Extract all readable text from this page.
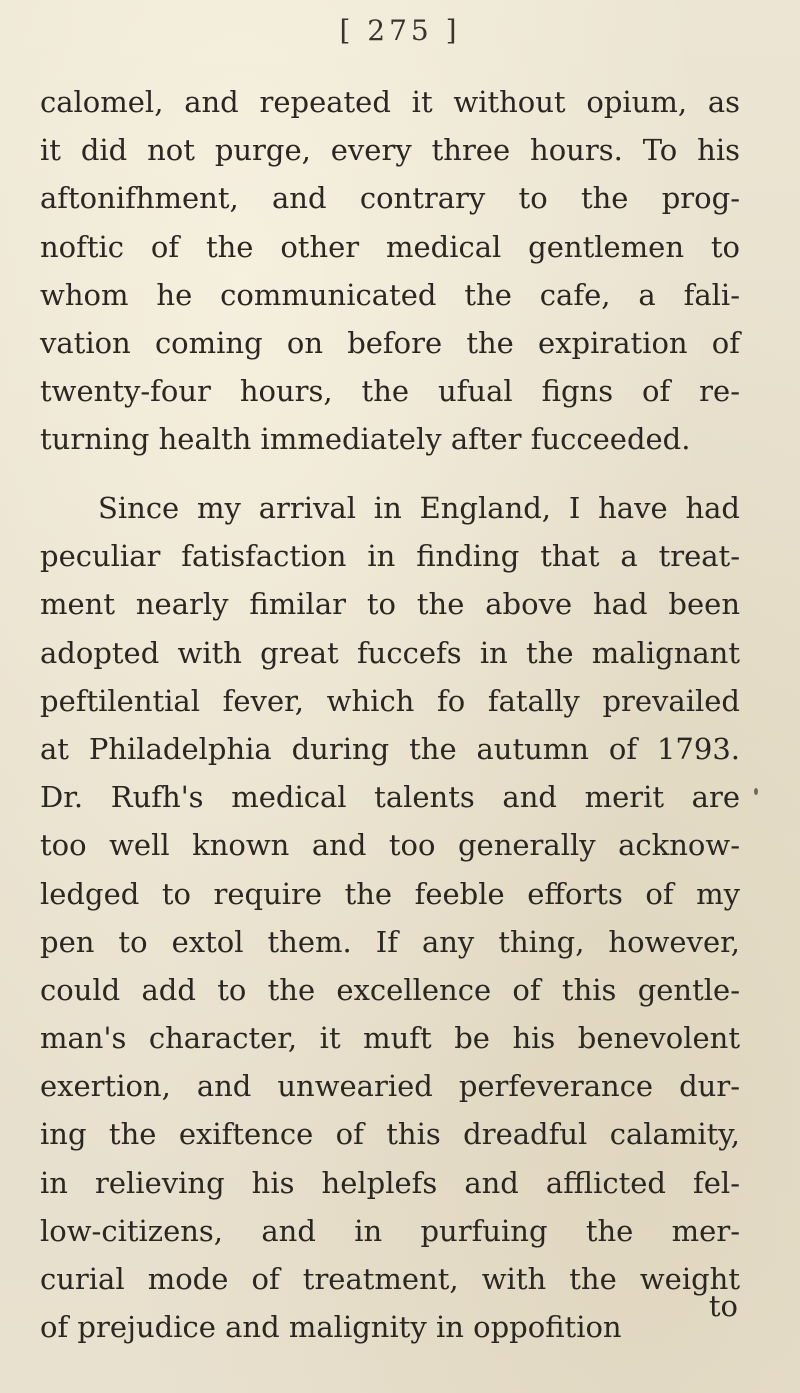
[ 275 ]
calomel, and repeated it without opium, as
it did not purge, every three hours. To his
aftonifhment, and contrary to the prog-
noftic of the other medical gentlemen to
whom he communicated the cafe, a fali-
vation coming on before the expiration of
twenty-four hours, the ufual figns of re-
turning health immediately after fucceeded.
Since my arrival in England, I have had
peculiar fatisfaction in finding that a treat-
ment nearly fimilar to the above had been
adopted with great fuccefs in the malignant
peftilential fever, which fo fatally prevailed
at Philadelphia during the autumn of 1793.
Dr. Rufh's medical talents and merit are
too well known and too generally acknow-
ledged to require the feeble efforts of my
pen to extol them. If any thing, however,
could add to the excellence of this gentle-
man's character, it muft be his benevolent
exertion, and unwearied perfeverance dur-
ing the exiftence of this dreadful calamity,
in relieving his helplefs and afflicted fel-
low-citizens, and in purfuing the mer-
curial mode of treatment, with the weight
of prejudice and malignity in oppofition
to
